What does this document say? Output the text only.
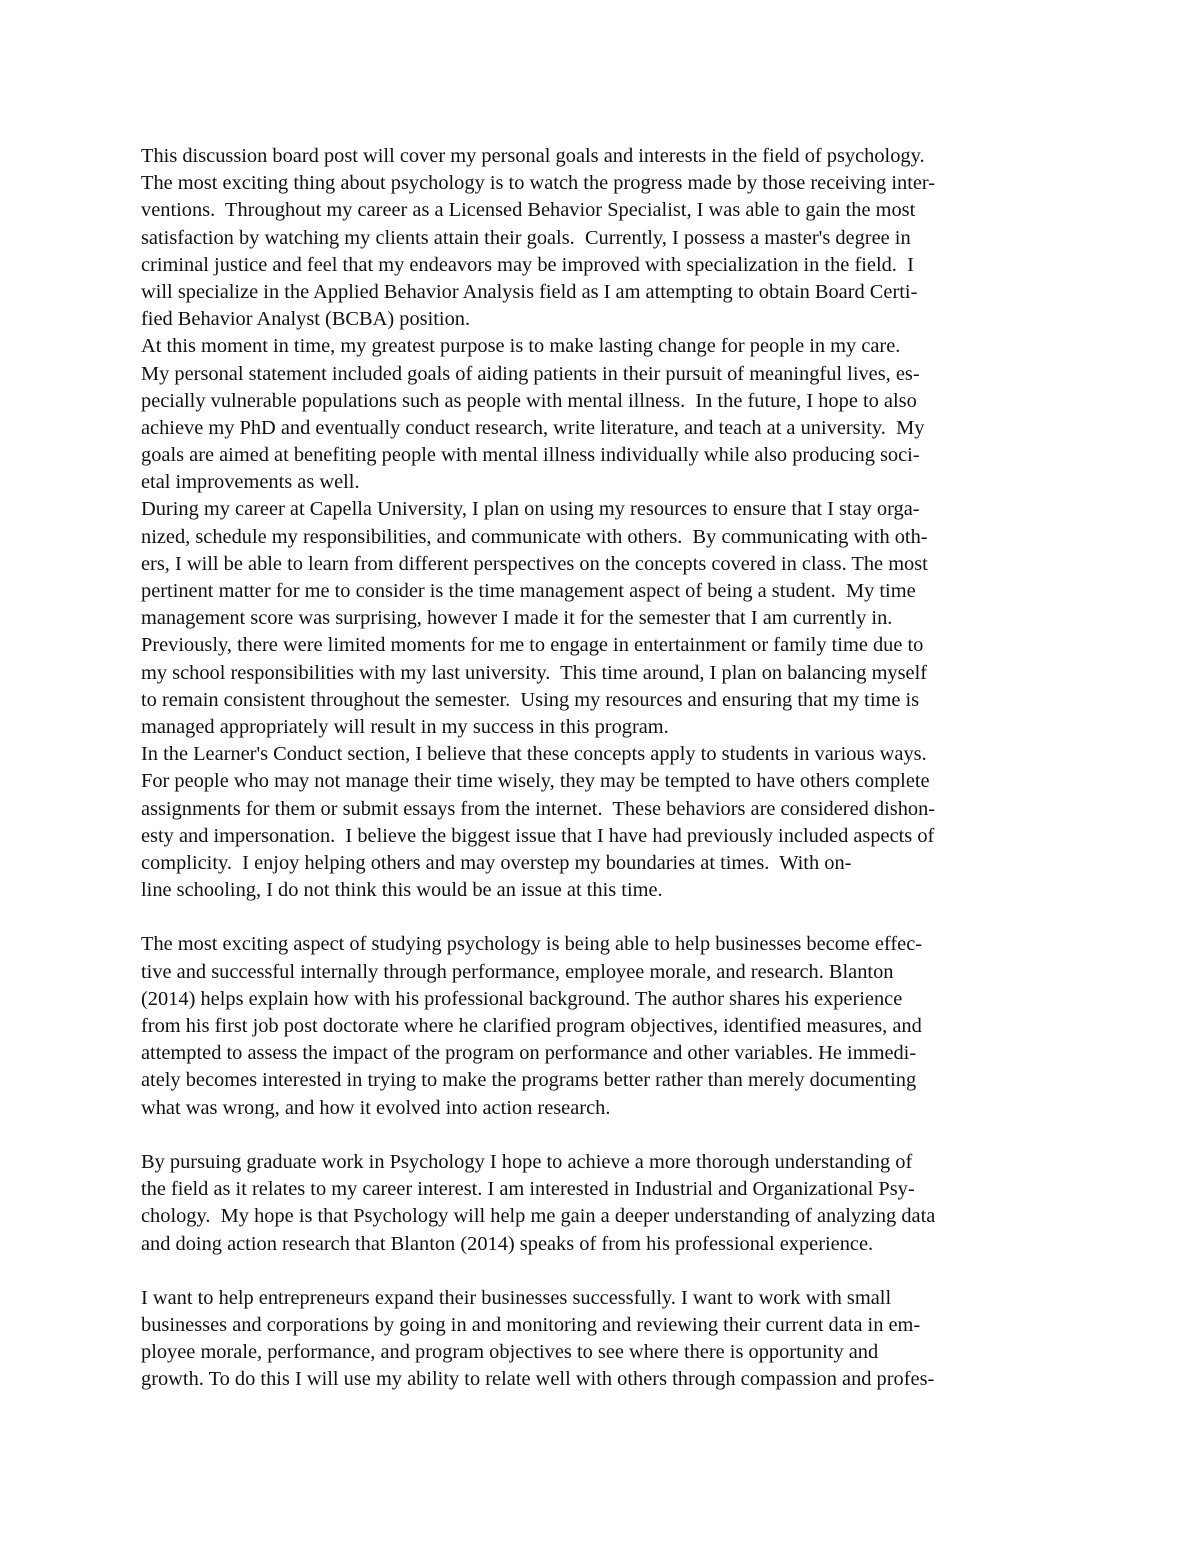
This discussion board post will cover my personal goals and interests in the field of psychology.
The most exciting thing about psychology is to watch the progress made by those receiving inter-
ventions.  Throughout my career as a Licensed Behavior Specialist, I was able to gain the most
satisfaction by watching my clients attain their goals.  Currently, I possess a master's degree in
criminal justice and feel that my endeavors may be improved with specialization in the field.  I
will specialize in the Applied Behavior Analysis field as I am attempting to obtain Board Certi-
fied Behavior Analyst (BCBA) position.
At this moment in time, my greatest purpose is to make lasting change for people in my care.
My personal statement included goals of aiding patients in their pursuit of meaningful lives, es-
pecially vulnerable populations such as people with mental illness.  In the future, I hope to also
achieve my PhD and eventually conduct research, write literature, and teach at a university.  My
goals are aimed at benefiting people with mental illness individually while also producing soci-
etal improvements as well.
During my career at Capella University, I plan on using my resources to ensure that I stay orga-
nized, schedule my responsibilities, and communicate with others.  By communicating with oth-
ers, I will be able to learn from different perspectives on the concepts covered in class. The most
pertinent matter for me to consider is the time management aspect of being a student.  My time
management score was surprising, however I made it for the semester that I am currently in.
Previously, there were limited moments for me to engage in entertainment or family time due to
my school responsibilities with my last university.  This time around, I plan on balancing myself
to remain consistent throughout the semester.  Using my resources and ensuring that my time is
managed appropriately will result in my success in this program.
In the Learner's Conduct section, I believe that these concepts apply to students in various ways.
For people who may not manage their time wisely, they may be tempted to have others complete
assignments for them or submit essays from the internet.  These behaviors are considered dishon-
esty and impersonation.  I believe the biggest issue that I have had previously included aspects of
complicity.  I enjoy helping others and may overstep my boundaries at times.  With on-
line schooling, I do not think this would be an issue at this time.
The most exciting aspect of studying psychology is being able to help businesses become effec-
tive and successful internally through performance, employee morale, and research. Blanton
(2014) helps explain how with his professional background. The author shares his experience
from his first job post doctorate where he clarified program objectives, identified measures, and
attempted to assess the impact of the program on performance and other variables. He immedi-
ately becomes interested in trying to make the programs better rather than merely documenting
what was wrong, and how it evolved into action research.
By pursuing graduate work in Psychology I hope to achieve a more thorough understanding of
the field as it relates to my career interest. I am interested in Industrial and Organizational Psy-
chology.  My hope is that Psychology will help me gain a deeper understanding of analyzing data
and doing action research that Blanton (2014) speaks of from his professional experience.
I want to help entrepreneurs expand their businesses successfully. I want to work with small
businesses and corporations by going in and monitoring and reviewing their current data in em-
ployee morale, performance, and program objectives to see where there is opportunity and
growth. To do this I will use my ability to relate well with others through compassion and profes-
